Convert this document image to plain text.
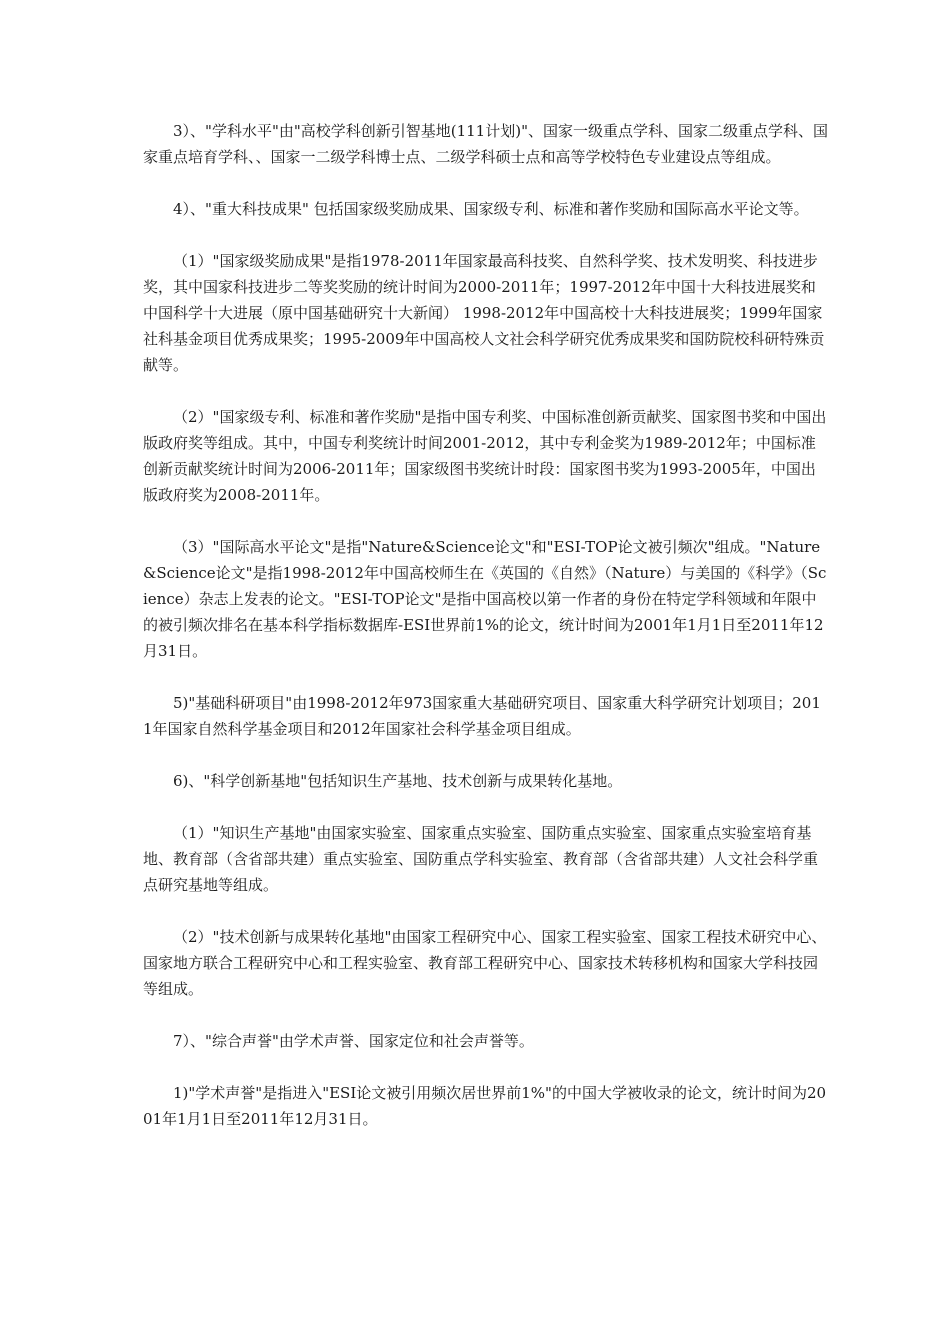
3）、"学科水平"由"高校学科创新引智基地(111计划)"、国家一级重点学科、国家二级重点学科、国家重点培育学科、、国家一二级学科博士点、二级学科硕士点和高等学校特色专业建设点等组成。

4）、"重大科技成果" 包括国家级奖励成果、国家级专利、标准和著作奖励和国际高水平论文等。

（1）"国家级奖励成果"是指1978-2011年国家最高科技奖、自然科学奖、技术发明奖、科技进步奖，其中国家科技进步二等奖奖励的统计时间为2000-2011年；1997-2012年中国十大科技进展奖和中国科学十大进展（原中国基础研究十大新闻） 1998-2012年中国高校十大科技进展奖；1999年国家社科基金项目优秀成果奖；1995-2009年中国高校人文社会科学研究优秀成果奖和国防院校科研特殊贡献等。

（2）"国家级专利、标准和著作奖励"是指中国专利奖、中国标准创新贡献奖、国家图书奖和中国出版政府奖等组成。其中，中国专利奖统计时间2001-2012，其中专利金奖为1989-2012年；中国标准创新贡献奖统计时间为2006-2011年；国家级图书奖统计时段：国家图书奖为1993-2005年，中国出版政府奖为2008-2011年。

（3）"国际高水平论文"是指"Nature&Science论文"和"ESI-TOP论文被引频次"组成。"Nature&Science论文"是指1998-2012年中国高校师生在《英国的《自然》（Nature）与美国的《科学》（Science）杂志上发表的论文。"ESI-TOP论文"是指中国高校以第一作者的身份在特定学科领域和年限中的被引频次排名在基本科学指标数据库-ESI世界前1%的论文，统计时间为2001年1月1日至2011年12月31日。

5)"基础科研项目"由1998-2012年973国家重大基础研究项目、国家重大科学研究计划项目；2011年国家自然科学基金项目和2012年国家社会科学基金项目组成。

6)、"科学创新基地"包括知识生产基地、技术创新与成果转化基地。

（1）"知识生产基地"由国家实验室、国家重点实验室、国防重点实验室、国家重点实验室培育基地、教育部（含省部共建）重点实验室、国防重点学科实验室、教育部（含省部共建）人文社会科学重点研究基地等组成。

（2）"技术创新与成果转化基地"由国家工程研究中心、国家工程实验室、国家工程技术研究中心、国家地方联合工程研究中心和工程实验室、教育部工程研究中心、国家技术转移机构和国家大学科技园等组成。

7）、"综合声誉"由学术声誉、国家定位和社会声誉等。

1)"学术声誉"是指进入"ESI论文被引用频次居世界前1%"的中国大学被收录的论文，统计时间为2001年1月1日至2011年12月31日。
